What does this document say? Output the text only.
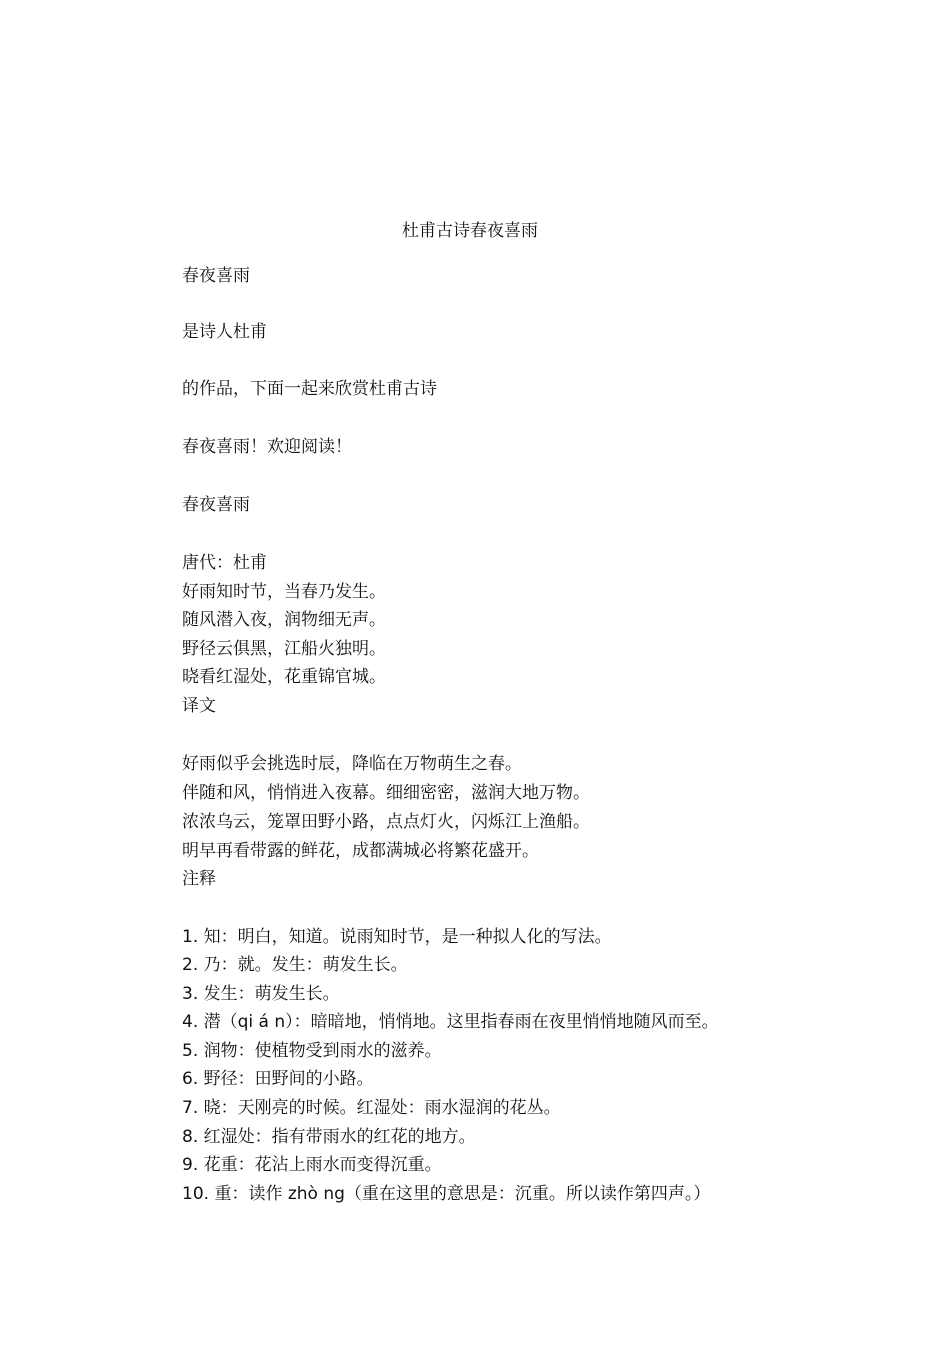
杜甫古诗春夜喜雨
春夜喜雨
是诗人杜甫
的作品，下面一起来欣赏杜甫古诗
春夜喜雨！欢迎阅读！
春夜喜雨
唐代：杜甫
好雨知时节，当春乃发生。
随风潜入夜，润物细无声。
野径云俱黑，江船火独明。
晓看红湿处，花重锦官城。
译文
好雨似乎会挑选时辰，降临在万物萌生之春。
伴随和风，悄悄进入夜幕。细细密密，滋润大地万物。
浓浓乌云，笼罩田野小路，点点灯火，闪烁江上渔船。
明早再看带露的鲜花，成都满城必将繁花盛开。
注释
1. 知：明白，知道。说雨知时节，是一种拟人化的写法。
2. 乃：就。发生：萌发生长。
3. 发生：萌发生长。
4. 潜（qi á n）：暗暗地，悄悄地。这里指春雨在夜里悄悄地随风而至。
5. 润物：使植物受到雨水的滋养。
6. 野径：田野间的小路。
7. 晓：天刚亮的时候。红湿处：雨水湿润的花丛。
8. 红湿处：指有带雨水的红花的地方。
9. 花重：花沾上雨水而变得沉重。
10. 重：读作 zhò ng（重在这里的意思是：沉重。所以读作第四声。）
